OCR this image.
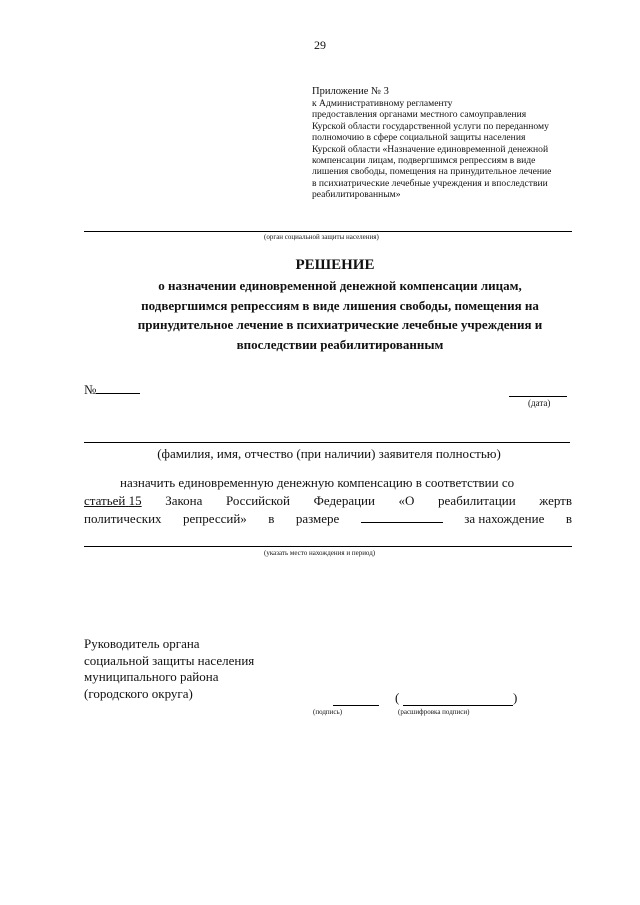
29
Приложение № 3
к Административному регламенту
предоставления органами местного самоуправления
Курской области государственной услуги по переданному
полномочию в сфере социальной защиты населения
Курской области «Назначение единовременной денежной
компенсации лицам, подвергшимся репрессиям в виде
лишения свободы, помещения на принудительное лечение
в психиатрические лечебные учреждения и впоследствии
реабилитированным»
(орган социальной защиты населения)
РЕШЕНИЕ
о назначении единовременной денежной компенсации лицам,
подвергшимся репрессиям в виде лишения свободы, помещения на
принудительное лечение в психиатрические лечебные учреждения и
впоследствии реабилитированным
№
(дата)
(фамилия, имя, отчество (при наличии) заявителя полностью)
назначить единовременную денежную компенсацию в соответствии со
статьей 15 Закона Российской Федерации «О реабилитации жертв
политических репрессий» в размере	за нахождение в
(указать место нахождения и период)
Руководитель органа
социальной защиты населения
муниципального района
(городского округа)
(подпись)
(	)
(расшифровка подписи)
